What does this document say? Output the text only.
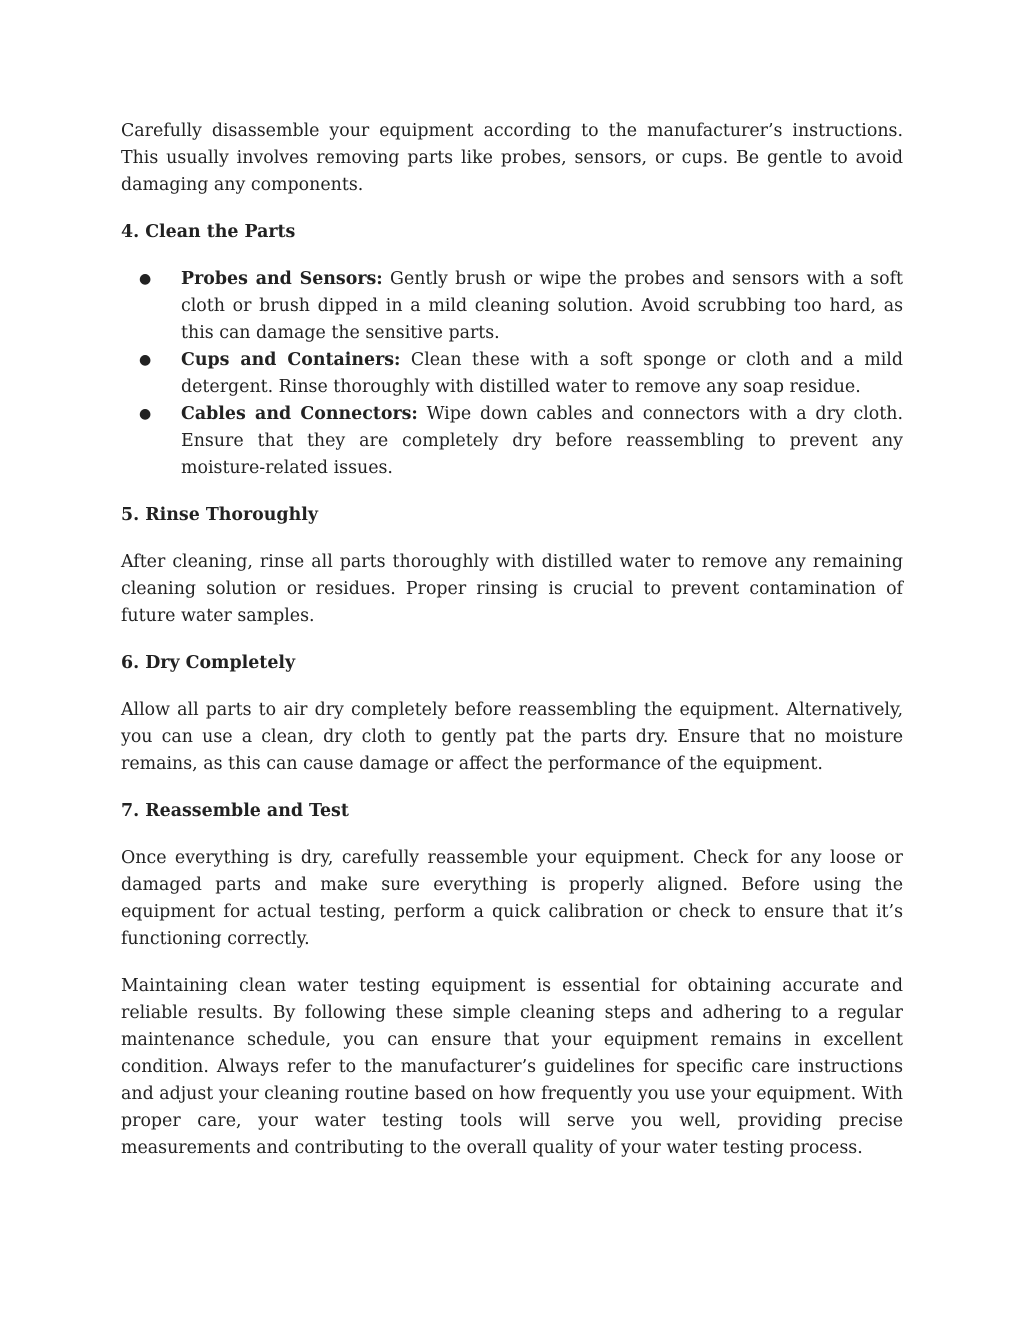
Carefully disassemble your equipment according to the manufacturer’s instructions. This usually involves removing parts like probes, sensors, or cups. Be gentle to avoid damaging any components.

4. Clean the Parts
● Probes and Sensors: Gently brush or wipe the probes and sensors with a soft cloth or brush dipped in a mild cleaning solution. Avoid scrubbing too hard, as this can damage the sensitive parts.
● Cups and Containers: Clean these with a soft sponge or cloth and a mild detergent. Rinse thoroughly with distilled water to remove any soap residue.
● Cables and Connectors: Wipe down cables and connectors with a dry cloth. Ensure that they are completely dry before reassembling to prevent any moisture-related issues.
5. Rinse Thoroughly

After cleaning, rinse all parts thoroughly with distilled water to remove any remaining cleaning solution or residues. Proper rinsing is crucial to prevent contamination of future water samples.

6. Dry Completely

Allow all parts to air dry completely before reassembling the equipment. Alternatively, you can use a clean, dry cloth to gently pat the parts dry. Ensure that no moisture remains, as this can cause damage or affect the performance of the equipment.

7. Reassemble and Test

Once everything is dry, carefully reassemble your equipment. Check for any loose or damaged parts and make sure everything is properly aligned. Before using the equipment for actual testing, perform a quick calibration or check to ensure that it’s functioning correctly.

Maintaining clean water testing equipment is essential for obtaining accurate and reliable results. By following these simple cleaning steps and adhering to a regular maintenance schedule, you can ensure that your equipment remains in excellent condition. Always refer to the manufacturer’s guidelines for specific care instructions and adjust your cleaning routine based on how frequently you use your equipment. With proper care, your water testing tools will serve you well, providing precise measurements and contributing to the overall quality of your water testing process.
